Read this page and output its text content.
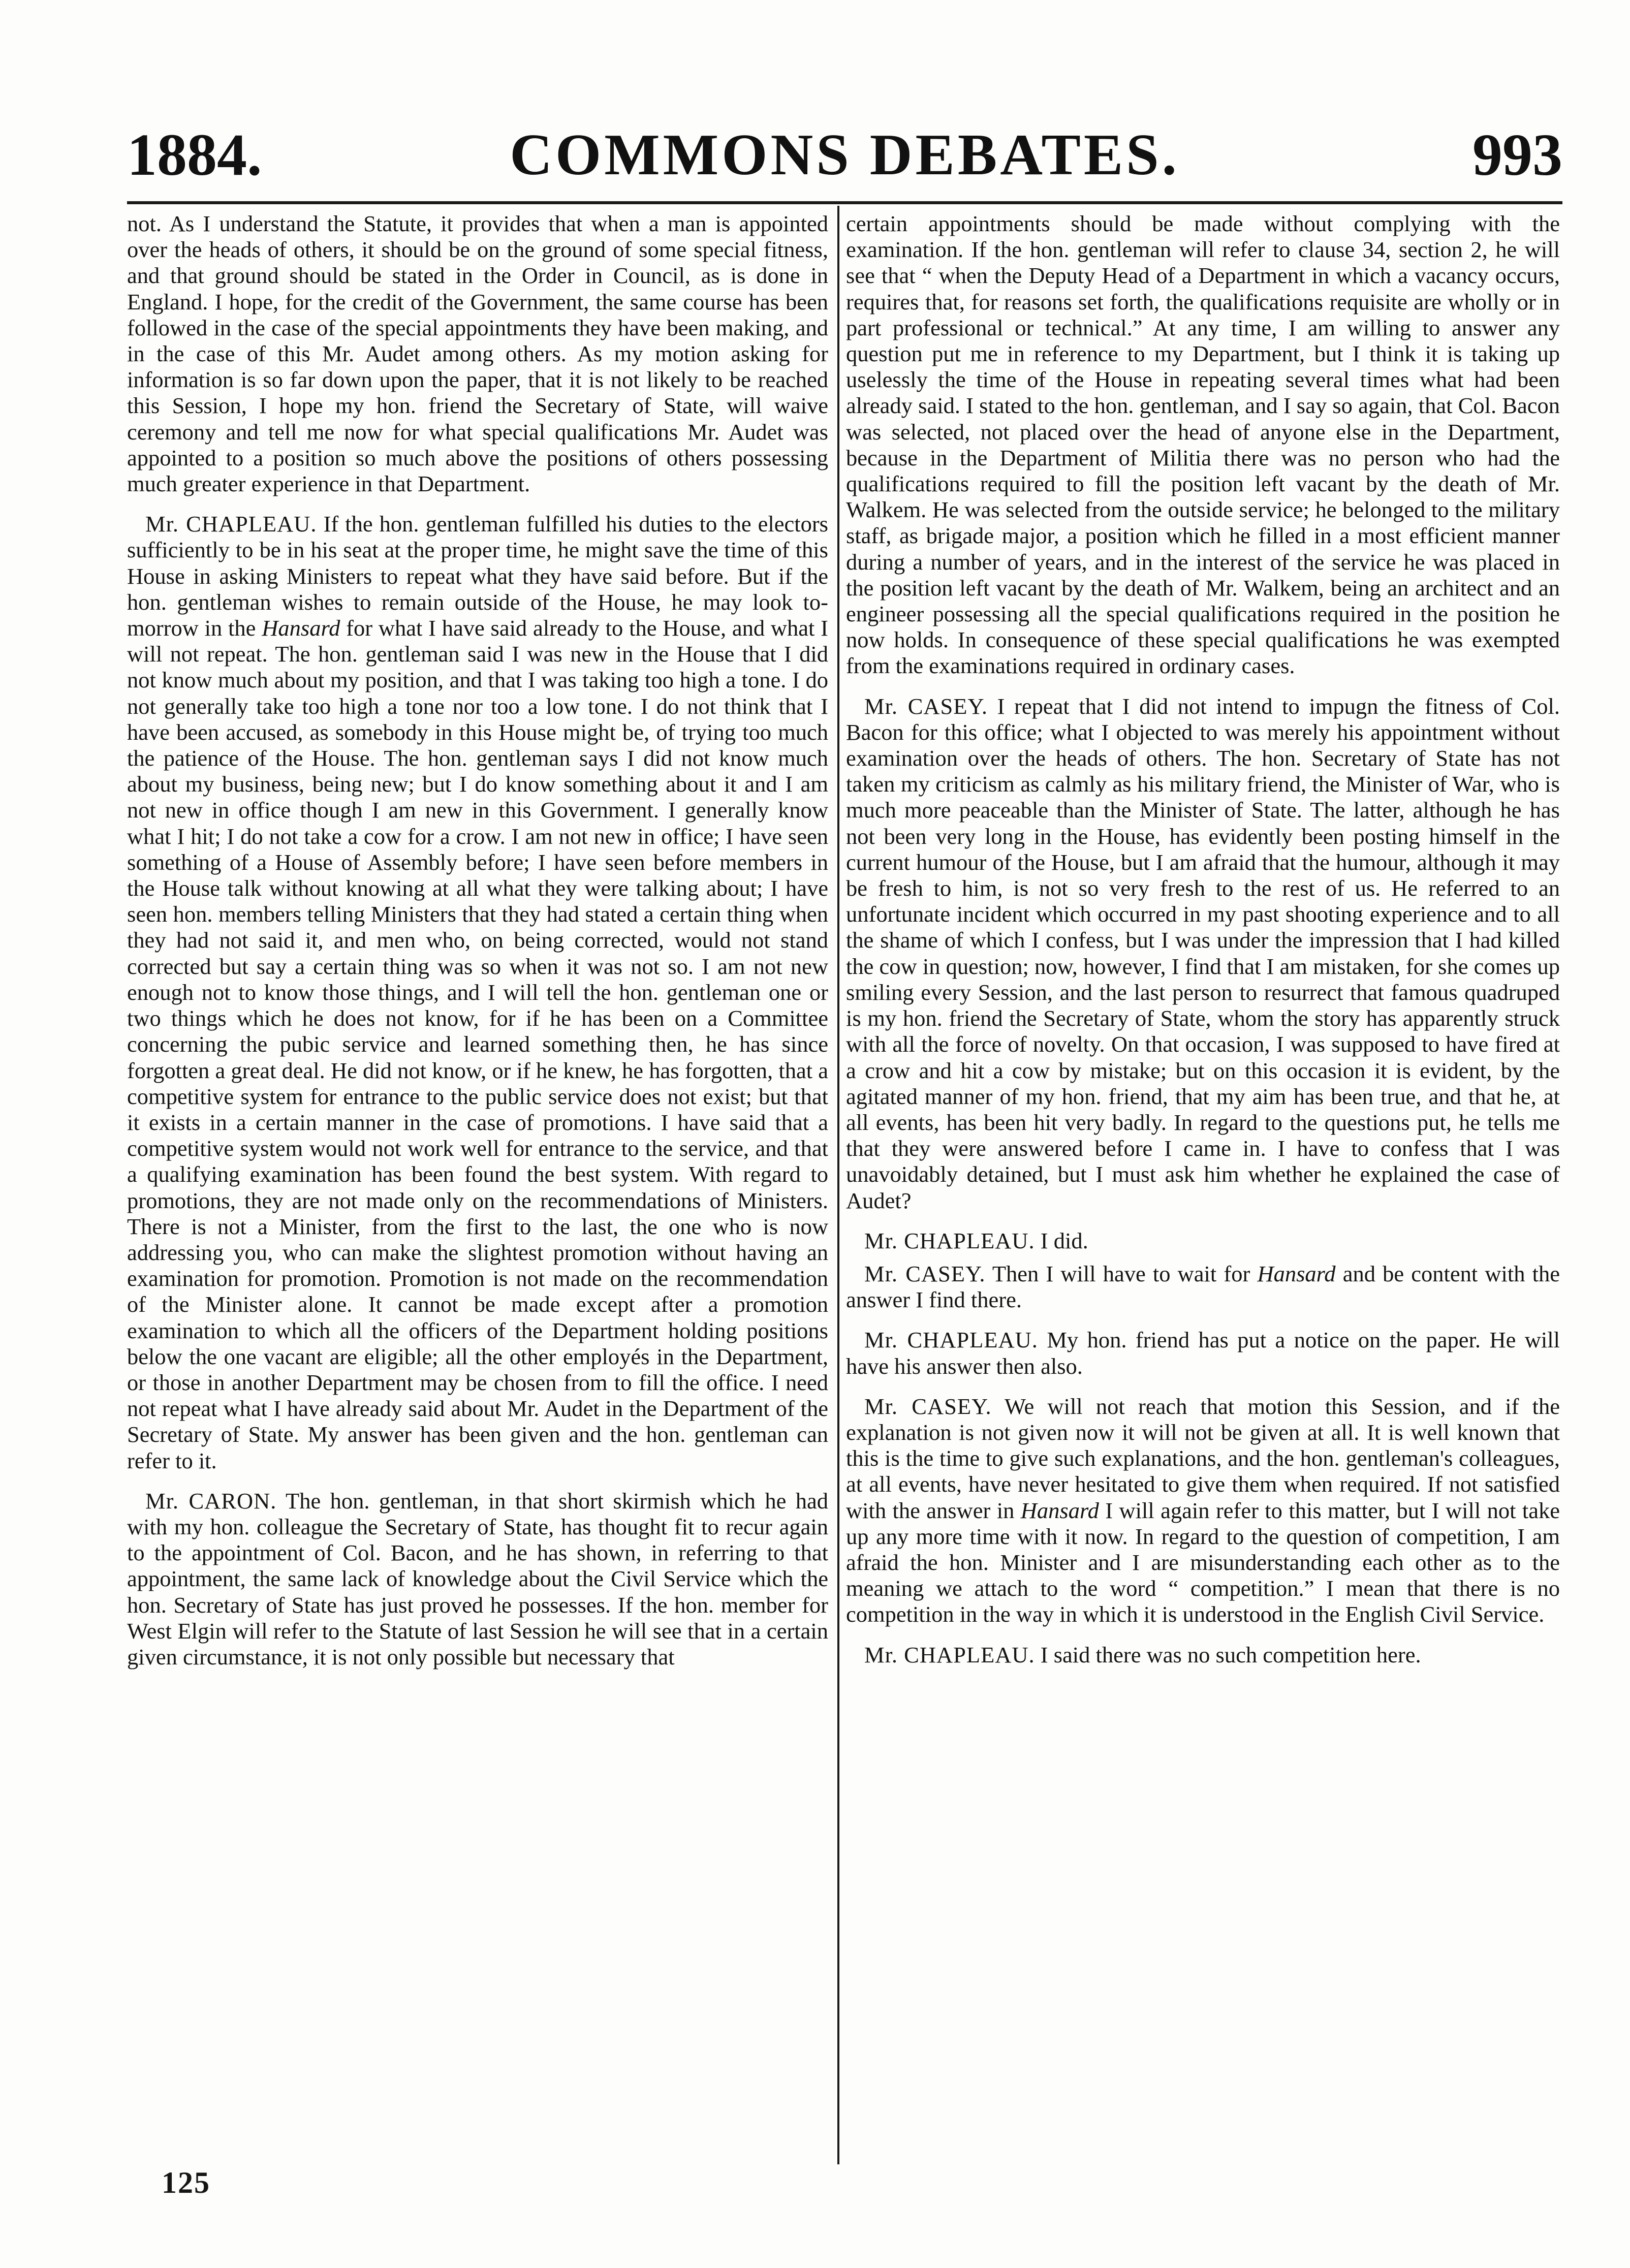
1884.	COMMONS DEBATES.	993

not. As I understand the Statute, it provides that when a man is appointed over the heads of others, it should be on the ground of some special fitness, and that ground should be stated in the Order in Council, as is done in England. I hope, for the credit of the Government, the same course has been followed in the case of the special appointments they have been making, and in the case of this Mr. Audet among others. As my motion asking for information is so far down upon the paper, that it is not likely to be reached this Session, I hope my hon. friend the Secretary of State, will waive ceremony and tell me now for what special qualifications Mr. Audet was appointed to a position so much above the positions of others possessing much greater experience in that Department.

Mr. CHAPLEAU. If the hon. gentleman fulfilled his duties to the electors sufficiently to be in his seat at the proper time, he might save the time of this House in asking Ministers to repeat what they have said before. But if the hon. gentleman wishes to remain outside of the House, he may look to-morrow in the Hansard for what I have said already to the House, and what I will not repeat. The hon. gentleman said I was new in the House that I did not know much about my position, and that I was taking too high a tone. I do not generally take too high a tone nor too a low tone. I do not think that I have been accused, as somebody in this House might be, of trying too much the patience of the House. The hon. gentleman says I did not know much about my business, being new; but I do know something about it and I am not new in office though I am new in this Government. I generally know what I hit; I do not take a cow for a crow. I am not new in office; I have seen something of a House of Assembly before; I have seen before members in the House talk without knowing at all what they were talking about; I have seen hon. members telling Ministers that they had stated a certain thing when they had not said it, and men who, on being corrected, would not stand corrected but say a certain thing was so when it was not so. I am not new enough not to know those things, and I will tell the hon. gentleman one or two things which he does not know, for if he has been on a Committee concerning the pubic service and learned something then, he has since forgotten a great deal. He did not know, or if he knew, he has forgotten, that a competitive system for entrance to the public service does not exist; but that it exists in a certain manner in the case of promotions. I have said that a competitive system would not work well for entrance to the service, and that a qualifying examination has been found the best system. With regard to promotions, they are not made only on the recommendations of Ministers. There is not a Minister, from the first to the last, the one who is now addressing you, who can make the slightest promotion without having an examination for promotion. Promotion is not made on the recommendation of the Minister alone. It cannot be made except after a promotion examination to which all the officers of the Department holding positions below the one vacant are eligible; all the other employés in the Department, or those in another Department may be chosen from to fill the office. I need not repeat what I have already said about Mr. Audet in the Department of the Secretary of State. My answer has been given and the hon. gentleman can refer to it.

Mr. CARON. The hon. gentleman, in that short skirmish which he had with my hon. colleague the Secretary of State, has thought fit to recur again to the appointment of Col. Bacon, and he has shown, in referring to that appointment, the same lack of knowledge about the Civil Service which the hon. Secretary of State has just proved he possesses. If the hon. member for West Elgin will refer to the Statute of last Session he will see that in a certain given circumstance, it is not only possible but necessary that

certain appointments should be made without complying with the examination. If the hon. gentleman will refer to clause 34, section 2, he will see that “ when the Deputy Head of a Department in which a vacancy occurs, requires that, for reasons set forth, the qualifications requisite are wholly or in part professional or technical.” At any time, I am willing to answer any question put me in reference to my Department, but I think it is taking up uselessly the time of the House in repeating several times what had been already said. I stated to the hon. gentleman, and I say so again, that Col. Bacon was selected, not placed over the head of anyone else in the Department, because in the Department of Militia there was no person who had the qualifications required to fill the position left vacant by the death of Mr. Walkem. He was selected from the outside service; he belonged to the military staff, as brigade major, a position which he filled in a most efficient manner during a number of years, and in the interest of the service he was placed in the position left vacant by the death of Mr. Walkem, being an architect and an engineer possessing all the special qualifications required in the position he now holds. In consequence of these special qualifications he was exempted from the examinations required in ordinary cases.

Mr. CASEY. I repeat that I did not intend to impugn the fitness of Col. Bacon for this office; what I objected to was merely his appointment without examination over the heads of others. The hon. Secretary of State has not taken my criticism as calmly as his military friend, the Minister of War, who is much more peaceable than the Minister of State. The latter, although he has not been very long in the House, has evidently been posting himself in the current humour of the House, but I am afraid that the humour, although it may be fresh to him, is not so very fresh to the rest of us. He referred to an unfortunate incident which occurred in my past shooting experience and to all the shame of which I confess, but I was under the impression that I had killed the cow in question; now, however, I find that I am mistaken, for she comes up smiling every Session, and the last person to resurrect that famous quadruped is my hon. friend the Secretary of State, whom the story has apparently struck with all the force of novelty. On that occasion, I was supposed to have fired at a crow and hit a cow by mistake; but on this occasion it is evident, by the agitated manner of my hon. friend, that my aim has been true, and that he, at all events, has been hit very badly. In regard to the questions put, he tells me that they were answered before I came in. I have to confess that I was unavoidably detained, but I must ask him whether he explained the case of Audet?

Mr. CHAPLEAU. I did.

Mr. CASEY. Then I will have to wait for Hansard and be content with the answer I find there.

Mr. CHAPLEAU. My hon. friend has put a notice on the paper. He will have his answer then also.

Mr. CASEY. We will not reach that motion this Session, and if the explanation is not given now it will not be given at all. It is well known that this is the time to give such explanations, and the hon. gentleman's colleagues, at all events, have never hesitated to give them when required. If not satisfied with the answer in Hansard I will again refer to this matter, but I will not take up any more time with it now. In regard to the question of competition, I am afraid the hon. Minister and I are misunderstanding each other as to the meaning we attach to the word “ competition.” I mean that there is no competition in the way in which it is understood in the English Civil Service.

Mr. CHAPLEAU. I said there was no such competition here.

125
